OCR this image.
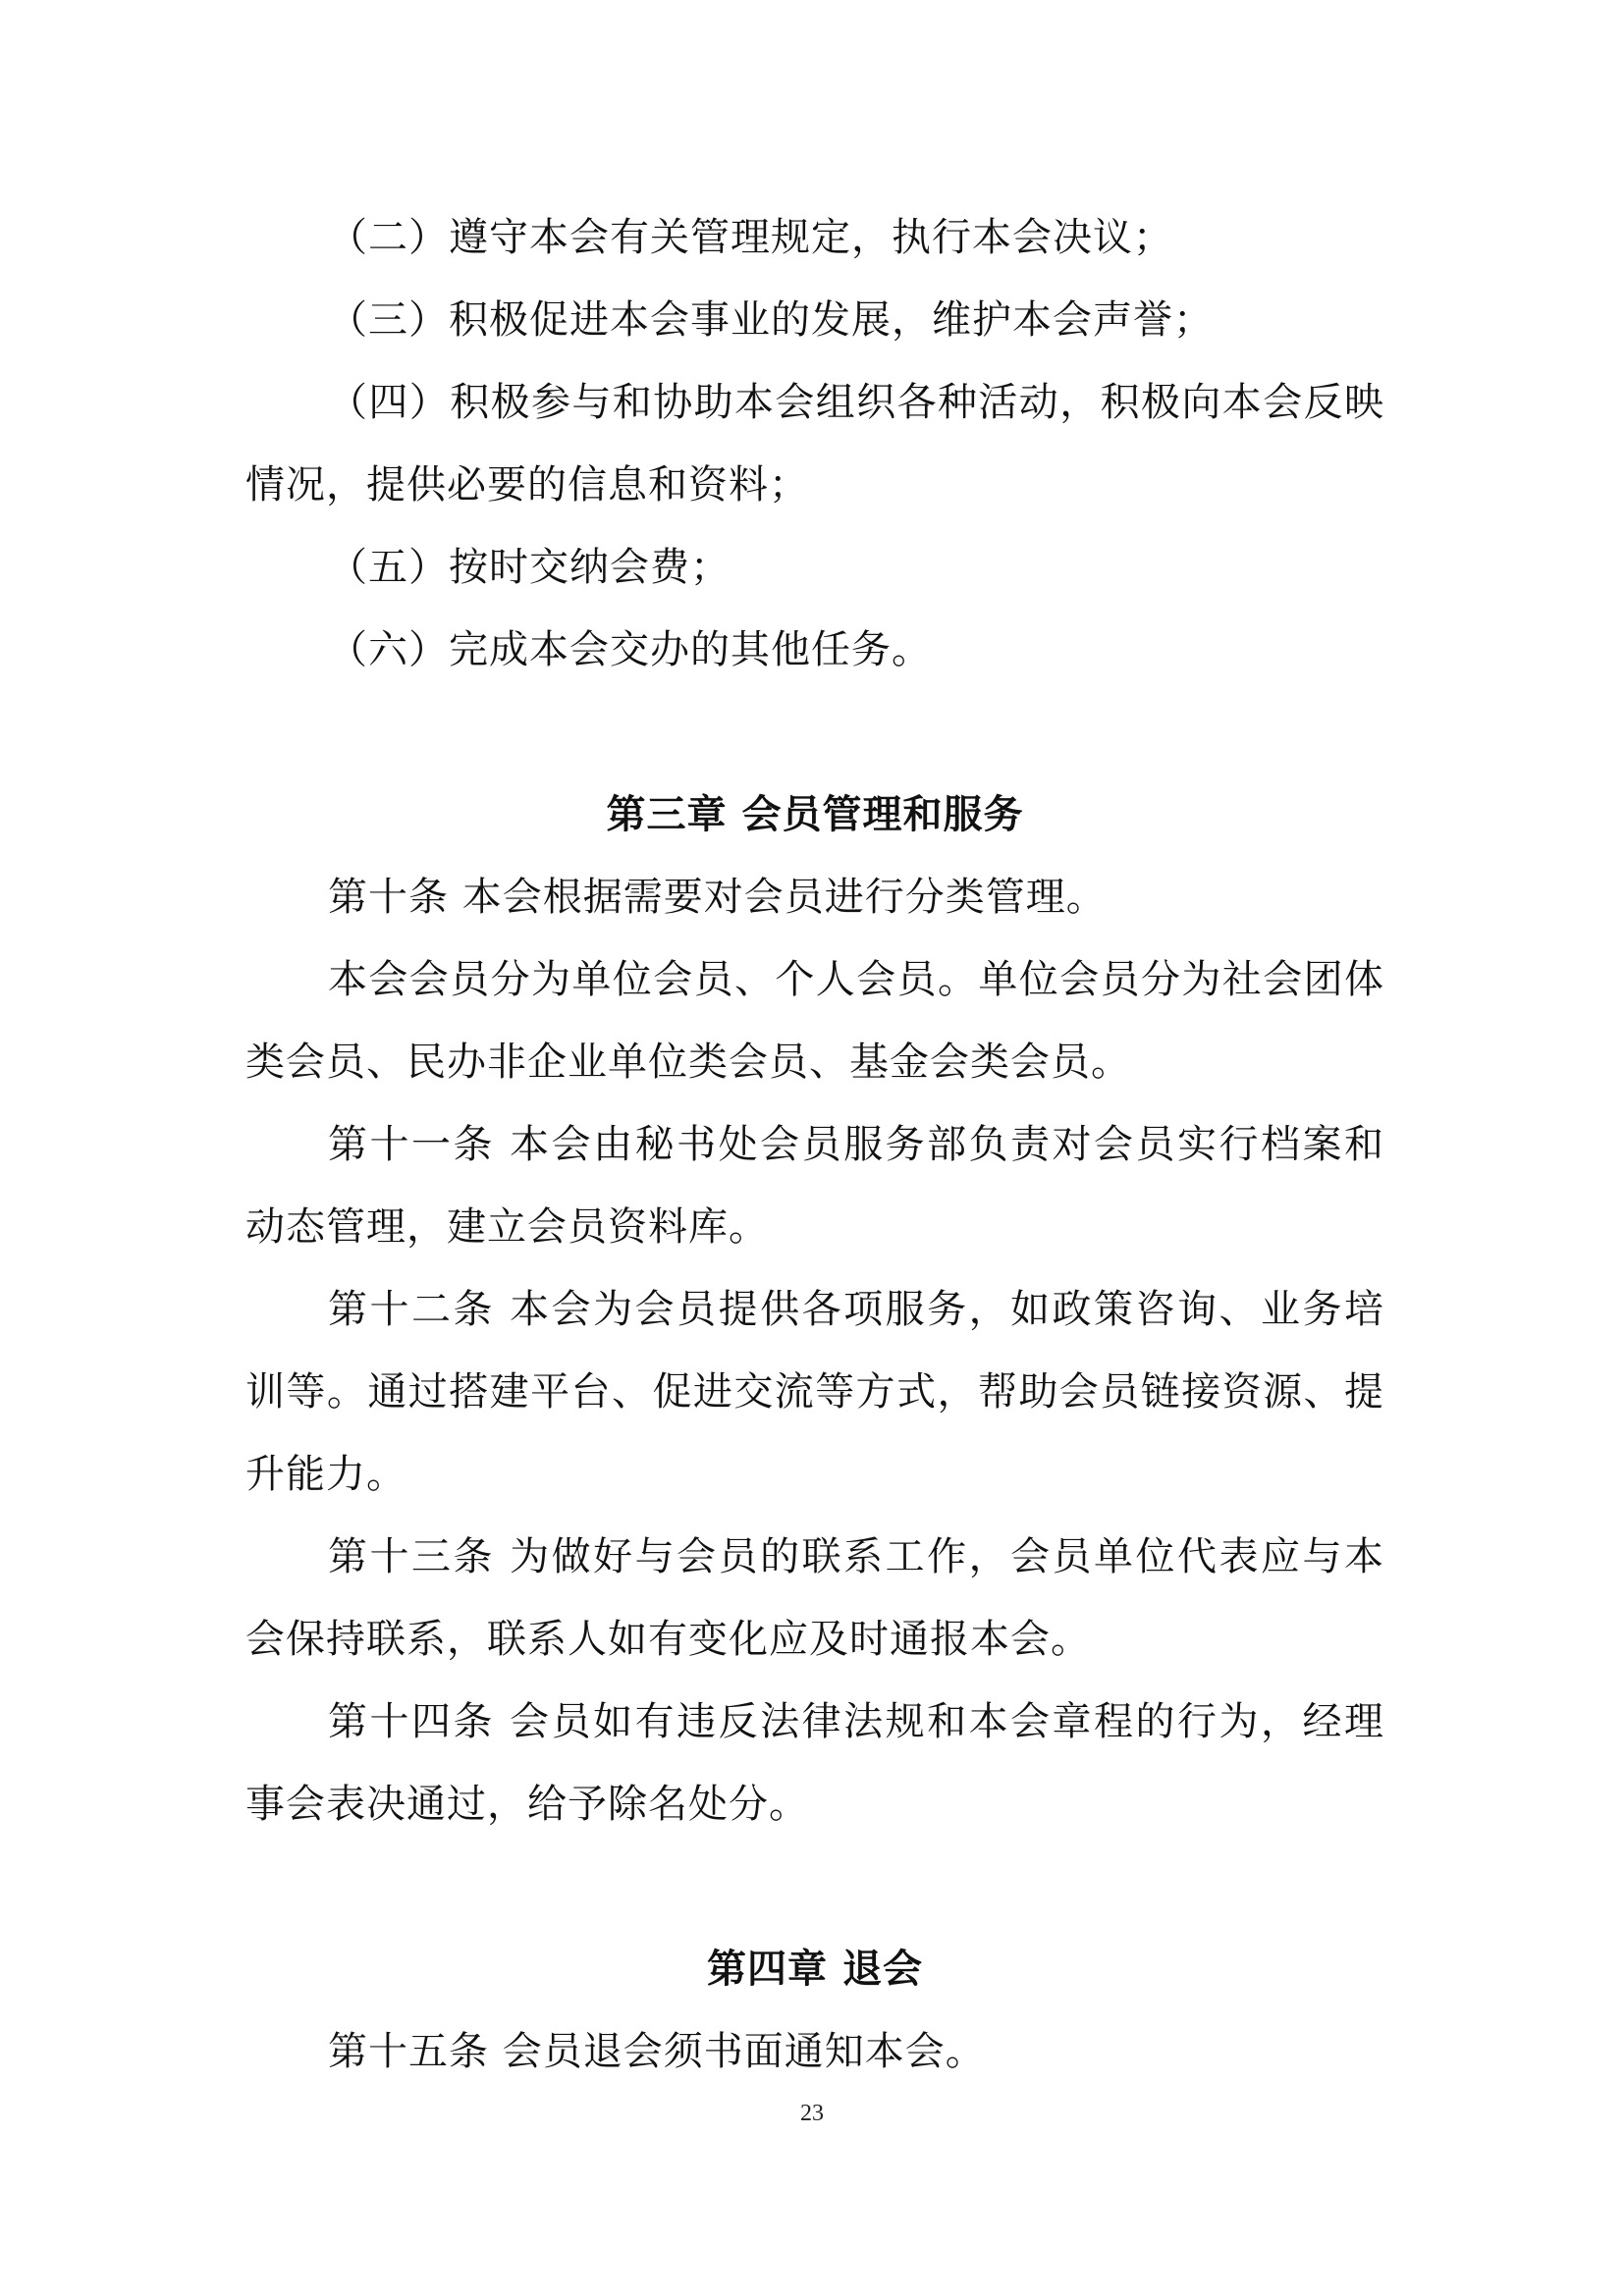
（二）遵守本会有关管理规定，执行本会决议；

（三）积极促进本会事业的发展，维护本会声誉；

（四）积极参与和协助本会组织各种活动，积极向本会反映情况，提供必要的信息和资料；

（五）按时交纳会费；

（六）完成本会交办的其他任务。

第三章 会员管理和服务

第十条 本会根据需要对会员进行分类管理。

本会会员分为单位会员、个人会员。单位会员分为社会团体类会员、民办非企业单位类会员、基金会类会员。

第十一条 本会由秘书处会员服务部负责对会员实行档案和动态管理，建立会员资料库。

第十二条 本会为会员提供各项服务，如政策咨询、业务培训等。通过搭建平台、促进交流等方式，帮助会员链接资源、提升能力。

第十三条 为做好与会员的联系工作，会员单位代表应与本会保持联系，联系人如有变化应及时通报本会。

第十四条 会员如有违反法律法规和本会章程的行为，经理事会表决通过，给予除名处分。

第四章 退会

第十五条 会员退会须书面通知本会。

23
